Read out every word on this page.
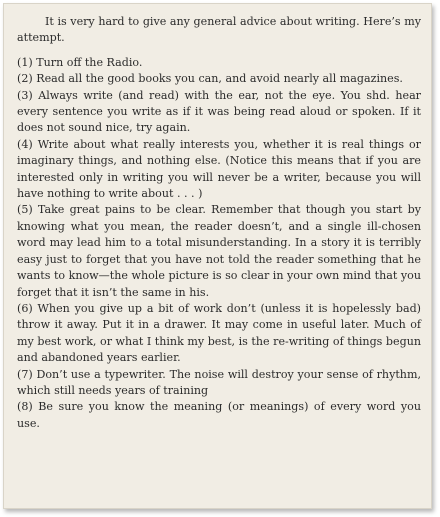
It is very hard to give any general advice about writing. Here’s my attempt.

(1) Turn off the Radio.

(2) Read all the good books you can, and avoid nearly all magazines.

(3) Always write (and read) with the ear, not the eye. You shd. hear every sentence you write as if it was being read aloud or spoken. If it does not sound nice, try again.

(4) Write about what really interests you, whether it is real things or imaginary things, and nothing else. (Notice this means that if you are interested only in writing you will never be a writer, because you will have nothing to write about . . . )

(5) Take great pains to be clear. Remember that though you start by knowing what you mean, the reader doesn’t, and a single ill-chosen word may lead him to a total misunderstanding. In a story it is terribly easy just to forget that you have not told the reader something that he wants to know—the whole picture is so clear in your own mind that you forget that it isn’t the same in his.

(6) When you give up a bit of work don’t (unless it is hopelessly bad) throw it away. Put it in a drawer. It may come in useful later. Much of my best work, or what I think my best, is the re-writing of things begun and abandoned years earlier.

(7) Don’t use a typewriter. The noise will destroy your sense of rhythm, which still needs years of training

(8) Be sure you know the meaning (or meanings) of every word you use.
